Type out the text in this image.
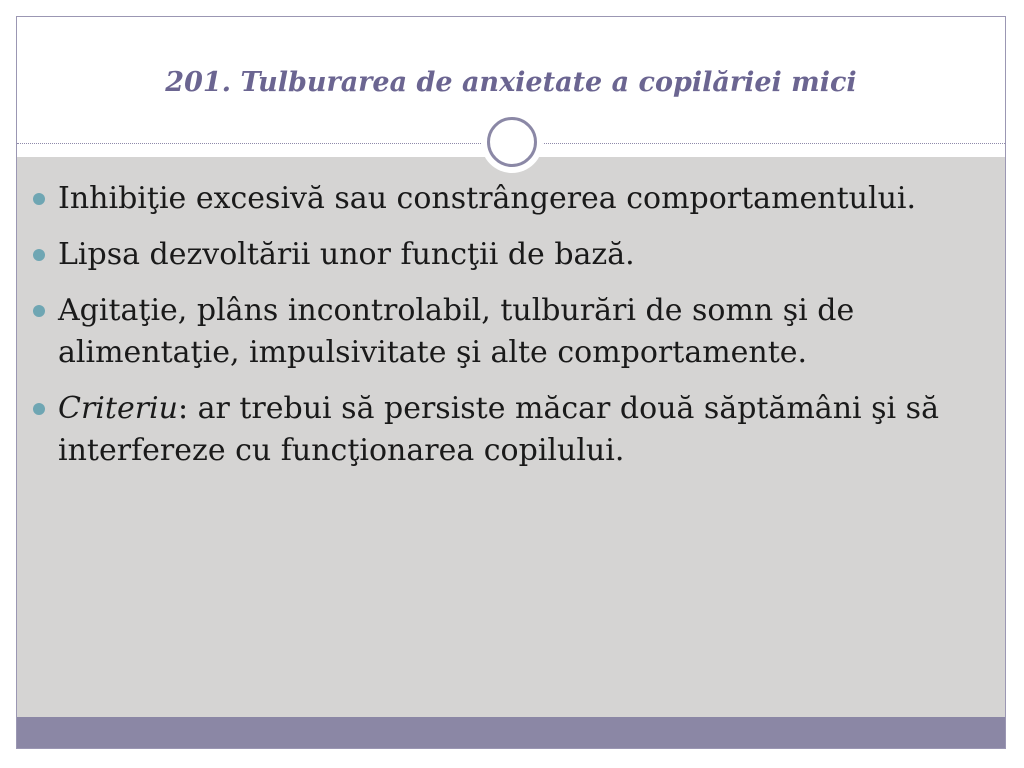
201. Tulburarea de anxietate a copilăriei mici
Inhibiţie excesivă sau constrângerea comportamentului.
Lipsa dezvoltării unor funcţii de bază.
Agitaţie, plâns incontrolabil, tulburări de somn şi de alimentaţie, impulsivitate şi alte comportamente.
Criteriu: ar trebui să persiste măcar două săptămâni şi să interfereze cu funcţionarea copilului.
